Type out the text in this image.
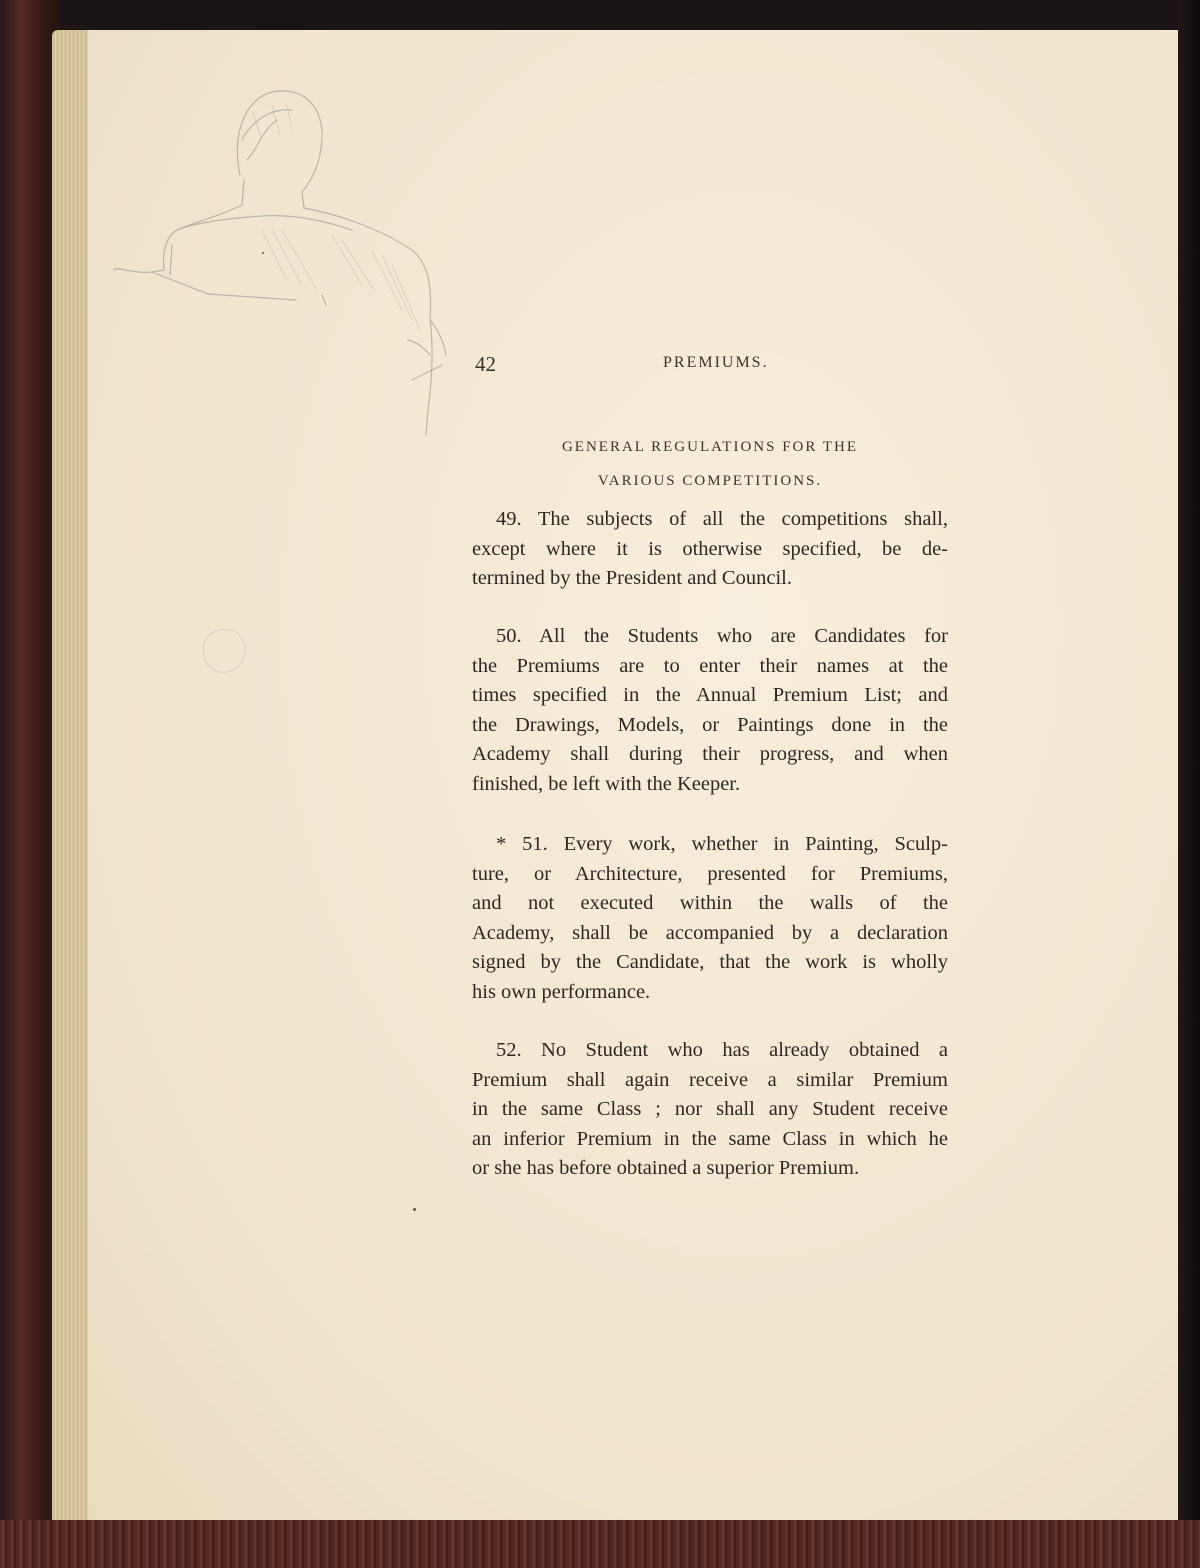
42	PREMIUMS.
GENERAL REGULATIONS FOR THE
VARIOUS COMPETITIONS.
49. The subjects of all the competitions shall,
except where it is otherwise specified, be de-
termined by the President and Council.
50. All the Students who are Candidates for
the Premiums are to enter their names at the
times specified in the Annual Premium List; and
the Drawings, Models, or Paintings done in the
Academy shall during their progress, and when
finished, be left with the Keeper.
* 51. Every work, whether in Painting, Sculp-
ture, or Architecture, presented for Premiums,
and not executed within the walls of the
Academy, shall be accompanied by a declaration
signed by the Candidate, that the work is wholly
his own performance.
52. No Student who has already obtained a
Premium shall again receive a similar Premium
in the same Class ; nor shall any Student receive
an inferior Premium in the same Class in which he
or she has before obtained a superior Premium.
